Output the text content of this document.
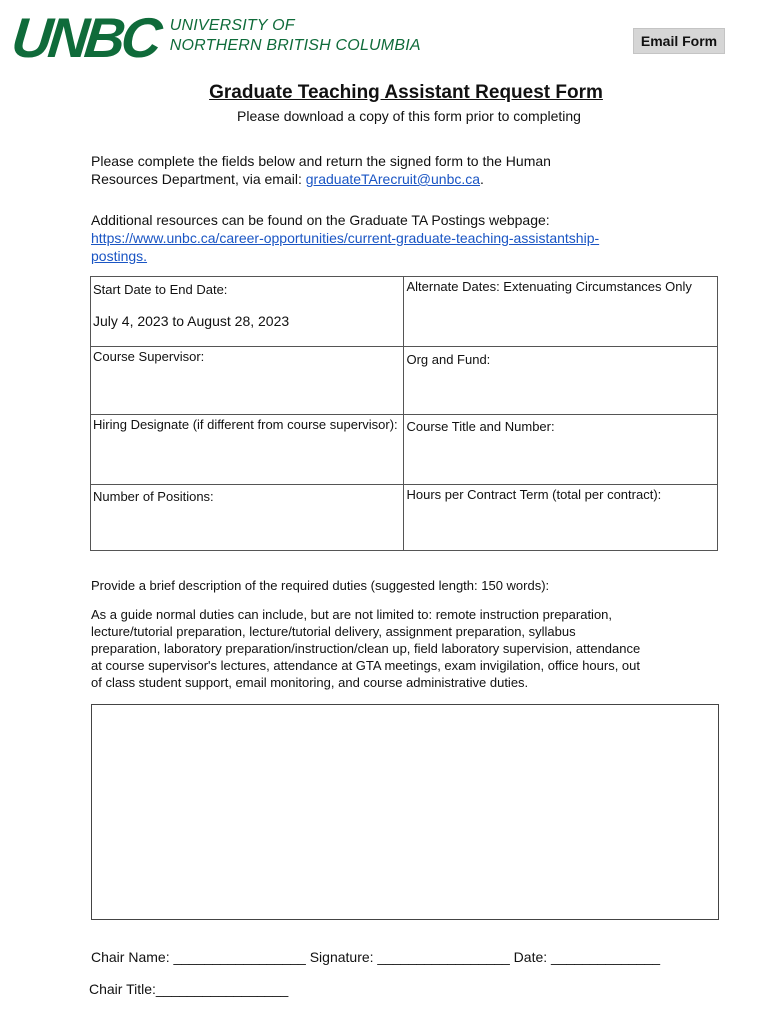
UNBC UNIVERSITY OF
NORTHERN BRITISH COLUMBIA	Email Form
Graduate Teaching Assistant Request Form
Please download a copy of this form prior to completing
Please complete the fields below and return the signed form to the Human
Resources Department, via email: graduateTArecruit@unbc.ca.
Additional resources can be found on the Graduate TA Postings webpage:
https://www.unbc.ca/career-opportunities/current-graduate-teaching-assistantship-
postings.
Start Date to End Date:
July 4, 2023 to August 28, 2023	Alternate Dates: Extenuating Circumstances Only

Course Supervisor:	Org and Fund:

Hiring Designate (if different from course supervisor):	Course Title and Number:

Number of Positions:	Hours per Contract Term (total per contract):
Provide a brief description of the required duties (suggested length: 150 words):
As a guide normal duties can include, but are not limited to: remote instruction preparation,
lecture/tutorial preparation, lecture/tutorial delivery, assignment preparation, syllabus
preparation, laboratory preparation/instruction/clean up, field laboratory supervision, attendance
at course supervisor's lectures, attendance at GTA meetings, exam invigilation, office hours, out
of class student support, email monitoring, and course administrative duties.
Chair Name: _________________ Signature: _________________ Date: ______________
Chair Title:_________________
